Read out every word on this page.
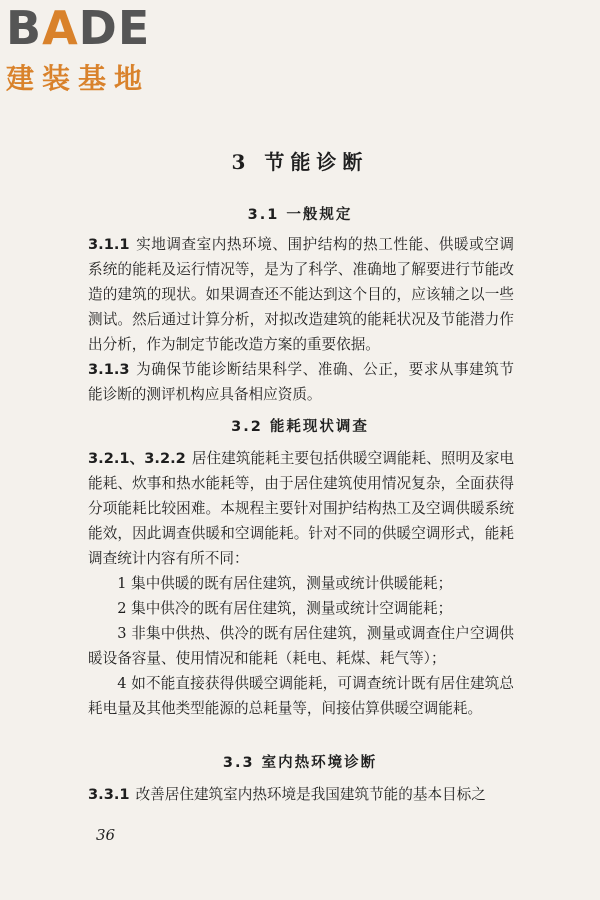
BADE
建装基地
3 节能诊断
3.1 一般规定
3.1.1 实地调查室内热环境、围护结构的热工性能、供暖或空调系统的能耗及运行情况等，是为了科学、准确地了解要进行节能改造的建筑的现状。如果调查还不能达到这个目的，应该辅之以一些测试。然后通过计算分析，对拟改造建筑的能耗状况及节能潜力作出分析，作为制定节能改造方案的重要依据。
3.1.3 为确保节能诊断结果科学、准确、公正，要求从事建筑节能诊断的测评机构应具备相应资质。
3.2 能耗现状调查
3.2.1、3.2.2 居住建筑能耗主要包括供暖空调能耗、照明及家电能耗、炊事和热水能耗等，由于居住建筑使用情况复杂，全面获得分项能耗比较困难。本规程主要针对围护结构热工及空调供暖系统能效，因此调查供暖和空调能耗。针对不同的供暖空调形式，能耗调查统计内容有所不同：
1 集中供暖的既有居住建筑，测量或统计供暖能耗；
2 集中供冷的既有居住建筑，测量或统计空调能耗；
3 非集中供热、供冷的既有居住建筑，测量或调查住户空调供暖设备容量、使用情况和能耗（耗电、耗煤、耗气等）；
4 如不能直接获得供暖空调能耗，可调查统计既有居住建筑总耗电量及其他类型能源的总耗量等，间接估算供暖空调能耗。
3.3 室内热环境诊断
3.3.1 改善居住建筑室内热环境是我国建筑节能的基本目标之
36
